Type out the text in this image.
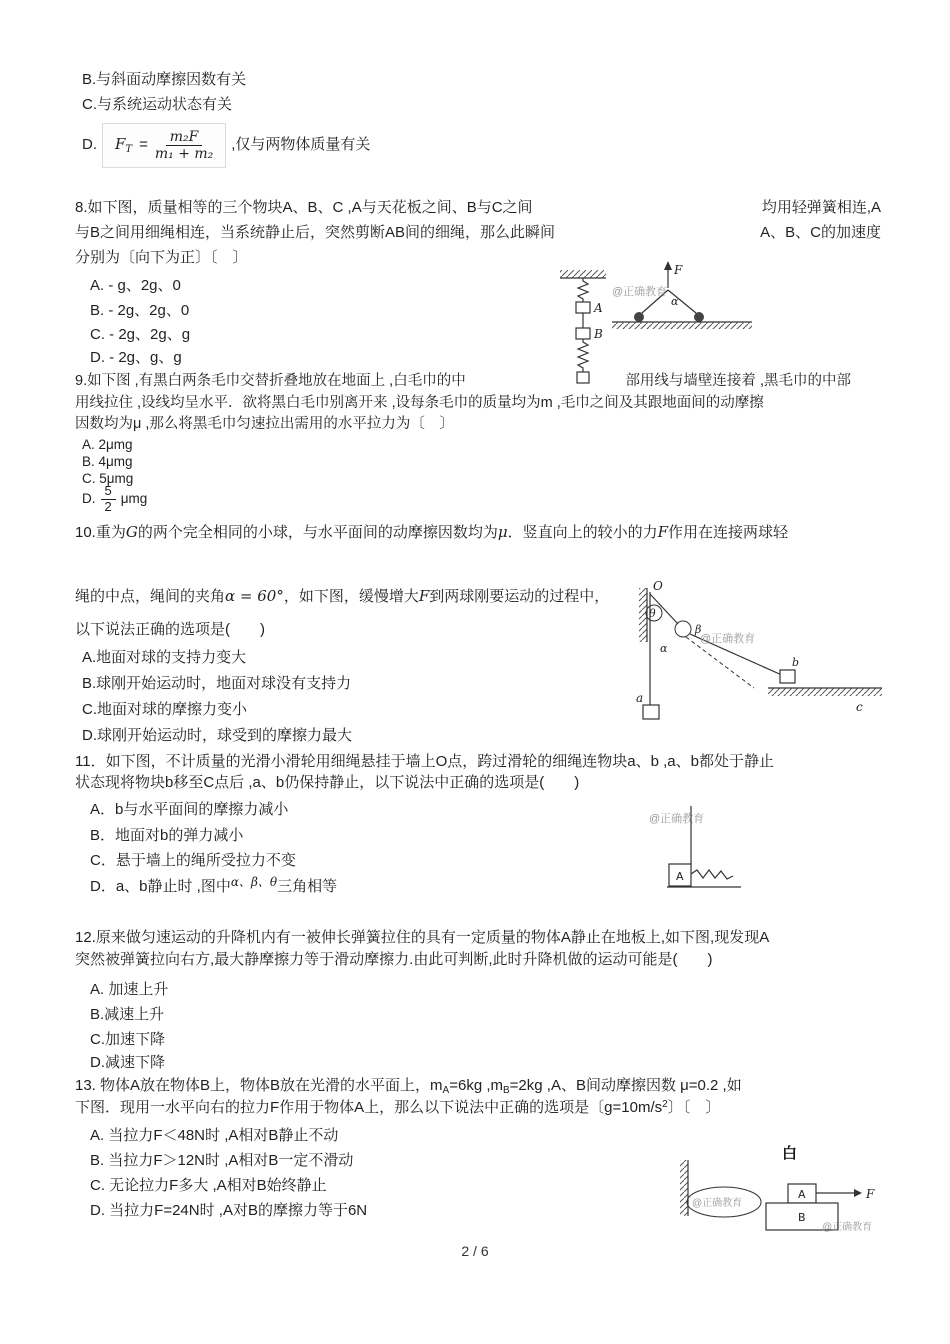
B.与斜面动摩擦因数有关
C.与系统运动状态有关
D. $F_T = \frac{\text{m₂F}}{\text{m₁ + m₂}}$ ,仅与两物体质量有关
8.如下图，质量相等的三个物块A、B、C ,A与天花板之间、B与C之间	均用轻弹簧相连,A
与B之间用细绳相连，当系统静止后，突然剪断AB间的细绳，那么此瞬间	A、B、C的加速度
分别为〔向下为正〕〔　〕
A. - g、2g、0
B. - 2g、2g、0
C. - 2g、2g、g
D. - 2g、g、g
A
B
F
α
@正确教育
9.如下图 ,有黑白两条毛巾交替折叠地放在地面上 ,白毛巾的中	部用线与墙壁连接着 ,黑毛巾的中部
用线拉住 ,设线均呈水平．欲将黑白毛巾别离开来 ,设每条毛巾的质量均为m ,毛巾之间及其跟地面间的动摩擦
因数均为μ ,那么将黑毛巾匀速拉出需用的水平拉力为〔　〕
A. 2μmg
B. 4μmg
C. 5μmg
D. $\frac{5}{2}$ μmg
10.重为G的两个完全相同的小球，与水平面间的动摩擦因数均为μ．竖直向上的较小的力F作用在连接两球轻
绳的中点，绳间的夹角α = 60°，如下图，缓慢增大F到两球刚要运动的过程中，
以下说法正确的选项是(　　)
A.地面对球的支持力变大
B.球刚开始运动时，地面对球没有支持力
C.地面对球的摩擦力变小
D.球刚开始运动时，球受到的摩擦力最大
O
θ
β
α
b
c
a
@正确教育
11．如下图，不计质量的光滑小滑轮用细绳悬挂于墙上O点，跨过滑轮的细绳连物块a、b ,a、b都处于静止
状态现将物块b移至C点后 ,a、b仍保持静止，以下说法中正确的选项是(　　)
A．b与水平面间的摩擦力减小
B．地面对b的弹力减小
C．悬于墙上的绳所受拉力不变
D．a、b静止时 ,图中$^{\alpha、\beta、\theta}$三角相等
@正确教育
A
12.原来做匀速运动的升降机内有一被伸长弹簧拉住的具有一定质量的物体A静止在地板上,如下图,现发现A
突然被弹簧拉向右方,最大静摩擦力等于滑动摩擦力.由此可判断,此时升降机做的运动可能是(　　)
A. 加速上升
B.减速上升
C.加速下降
D.减速下降
13. 物体A放在物体B上，物体B放在光滑的水平面上，$m_A=6kg$ $,m_B=2kg$ ,A、B间动摩擦因数 μ=0.2 ,如
下图．现用一水平向右的拉力F作用于物体A上，那么以下说法中正确的选项是〔$g=10m/s^2$〕〔　〕
A. 当拉力F＜48N时 ,A相对B静止不动
B. 当拉力F＞12N时 ,A相对B一定不滑动
C. 无论拉力F多大 ,A相对B始终静止
D. 当拉力F=24N时 ,A对B的摩擦力等于6N
白
@正确教育
A
B
F
@正确教育
2 / 6
